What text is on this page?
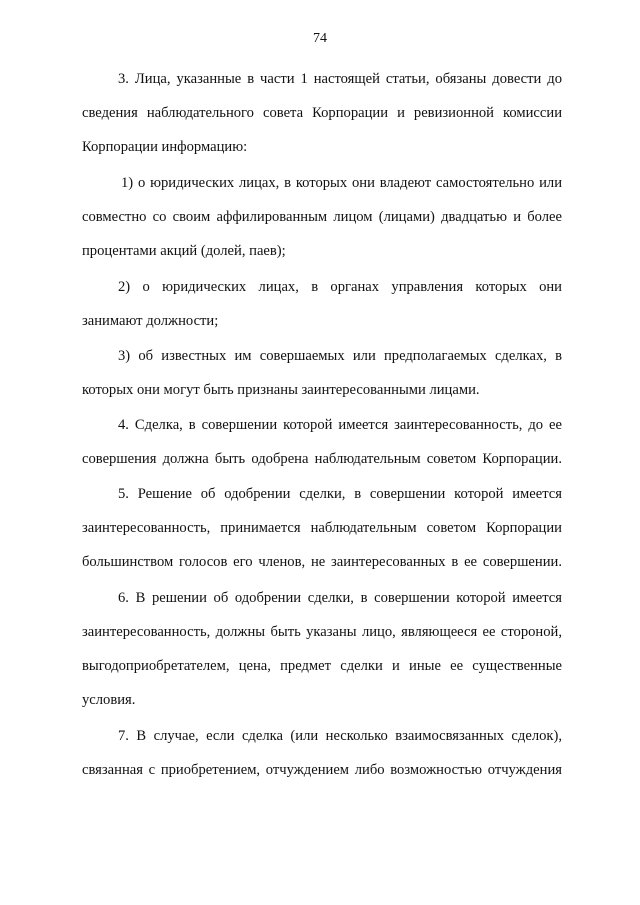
74
3. Лица, указанные в части 1 настоящей статьи, обязаны довести до
сведения наблюдательного совета Корпорации и ревизионной комиссии
Корпорации информацию:
1) о юридических лицах, в которых они владеют самостоятельно или
совместно со своим аффилированным лицом (лицами) двадцатью и более
процентами акций (долей, паев);
2) о юридических лицах, в органах управления которых они
занимают должности;
3) об известных им совершаемых или предполагаемых сделках, в
которых они могут быть признаны заинтересованными лицами.
4. Сделка, в совершении которой имеется заинтересованность, до ее
совершения должна быть одобрена наблюдательным советом Корпорации.
5. Решение об одобрении сделки, в совершении которой имеется
заинтересованность, принимается наблюдательным советом Корпорации
большинством голосов его членов, не заинтересованных в ее совершении.
6. В решении об одобрении сделки, в совершении которой имеется
заинтересованность, должны быть указаны лицо, являющееся ее стороной,
выгодоприобретателем, цена, предмет сделки и иные ее существенные
условия.
7. В случае, если сделка (или несколько взаимосвязанных сделок),
связанная с приобретением, отчуждением либо возможностью отчуждения
